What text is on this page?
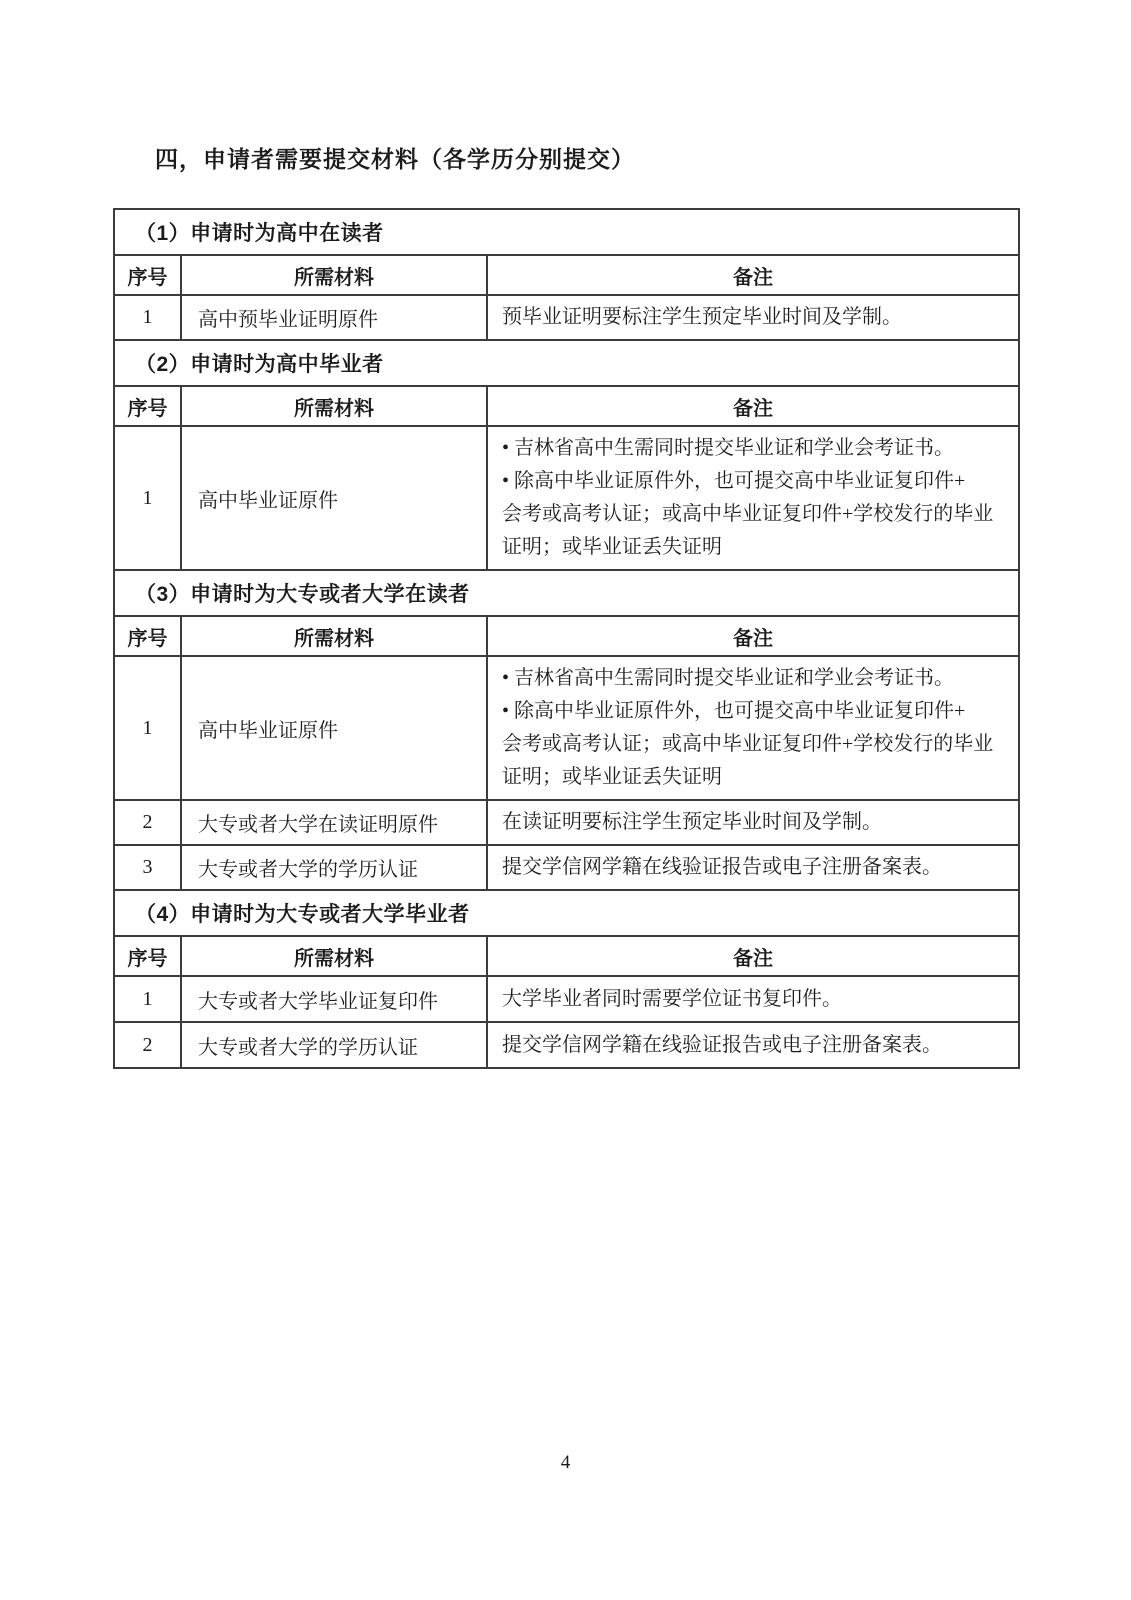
四，申请者需要提交材料（各学历分别提交）
（1）申请时为高中在读者		
序号	所需材料	备注
1	高中预毕业证明原件	预毕业证明要标注学生预定毕业时间及学制。

（2）申请时为高中毕业者		
序号	所需材料	备注
1	高中毕业证原件	• 吉林省高中生需同时提交毕业证和学业会考证书。
• 除高中毕业证原件外，也可提交高中毕业证复印件+
会考或高考认证；或高中毕业证复印件+学校发行的毕业
证明；或毕业证丢失证明

（3）申请时为大专或者大学在读者		
序号	所需材料	备注
1	高中毕业证原件	• 吉林省高中生需同时提交毕业证和学业会考证书。
• 除高中毕业证原件外，也可提交高中毕业证复印件+
会考或高考认证；或高中毕业证复印件+学校发行的毕业
证明；或毕业证丢失证明

2	大专或者大学在读证明原件	在读证明要标注学生预定毕业时间及学制。

3	大专或者大学的学历认证	提交学信网学籍在线验证报告或电子注册备案表。

（4）申请时为大专或者大学毕业者		
序号	所需材料	备注
1	大专或者大学毕业证复印件	大学毕业者同时需要学位证书复印件。

2	大专或者大学的学历认证	提交学信网学籍在线验证报告或电子注册备案表。
4
